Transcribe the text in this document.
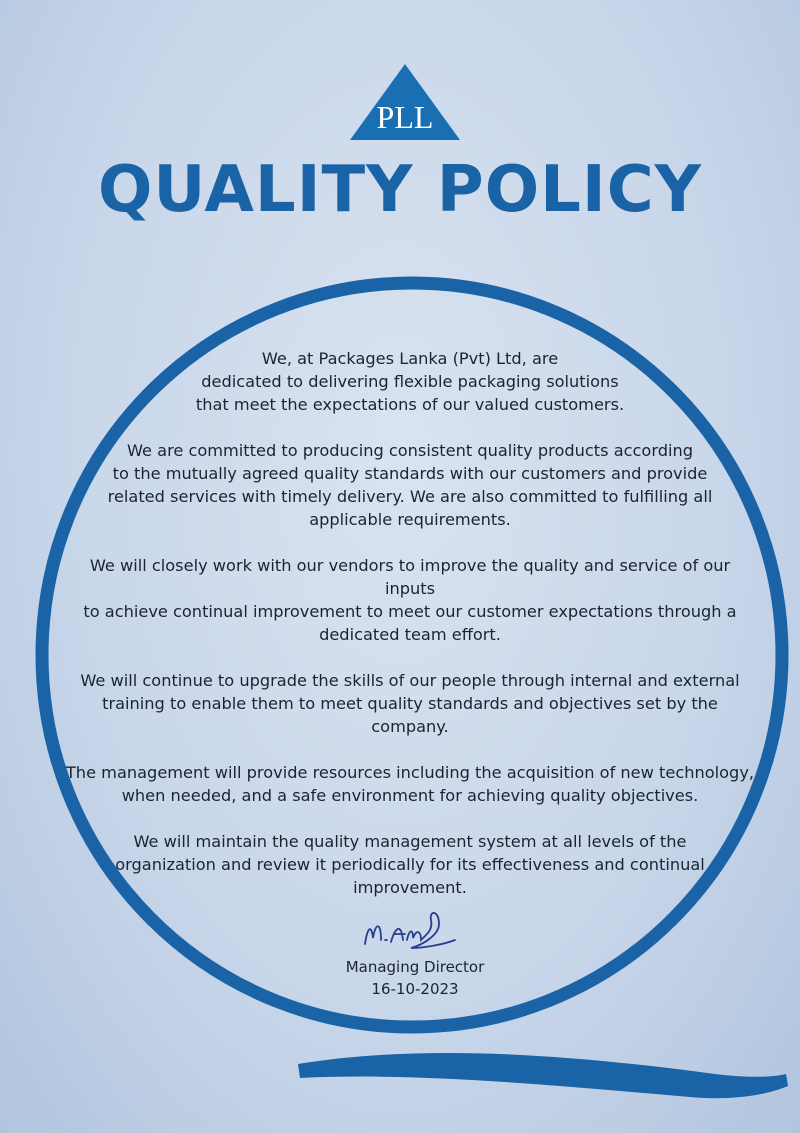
PLL
QUALITY POLICY

We, at Packages Lanka (Pvt) Ltd, are
dedicated to delivering flexible packaging solutions
that meet the expectations of our valued customers.

We are committed to producing consistent quality products according
to the mutually agreed quality standards with our customers and provide
related services with timely delivery. We are also committed to fulfilling all
applicable requirements.

We will closely work with our vendors to improve the quality and service of our inputs
to achieve continual improvement to meet our customer expectations through a
dedicated team effort.

We will continue to upgrade the skills of our people through internal and external
training to enable them to meet quality standards and objectives set by the company.

The management will provide resources including the acquisition of new technology,
when needed, and a safe environment for achieving quality objectives.

We will maintain the quality management system at all levels of the
organization and review it periodically for its effectiveness and continual
improvement.

Managing Director
16-10-2023
